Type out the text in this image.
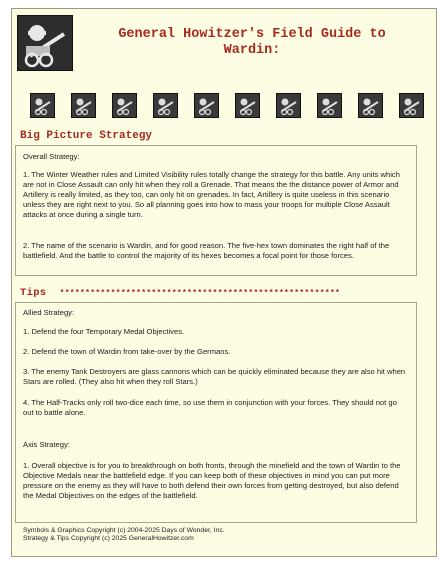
General Howitzer's Field Guide to
Wardin:
Big Picture Strategy
Overall Strategy:
1. The Winter Weather rules and Limited Visibility rules totally change the strategy for this battle. Any units which are not in Close Assault can only hit when they roll a Grenade. That means the the distance power of Armor and Artillery is really limited, as they too, can only hit on grenades. In fact, Artillery is quite useless in this scenario unless they are right next to you. So all planning goes into how to mass your troops for multiple Close Assault attacks at once during a single turn.
2. The name of the scenario is Wardin, and for good reason. The five-hex town dominates the right half of the battlefield. And the battle to control the majority of its hexes becomes a focal point for those forces.
Tips *******************************************************
Allied Strategy:
1. Defend the four Temporary Medal Objectives.
2. Defend the town of Wardin from take-over by the Germans.
3. The enemy Tank Destroyers are glass cannons which can be quickly eliminated because they are also hit when Stars are rolled. (They also hit when they roll Stars.)
4. The Half-Tracks only roll two-dice each time, so use them in conjunction with your forces. They should not go out to battle alone.
Axis Strategy:
1. Overall objective is for you to breakthrough on both fronts, through the minefield and the town of Wardin to the Objective Medals near the battlefield edge. If you can keep both of these objectives in mind you can put more pressure on the enemy as they will have to both defend their own forces from getting destroyed, but also defend the Medal Objectives on the edges of the battlefield.
Symbols & Graphics Copyright (c) 2004-2025 Days of Wonder, Inc.
Strategy & Tips Copyright (c) 2025 GeneralHowitzer.com
